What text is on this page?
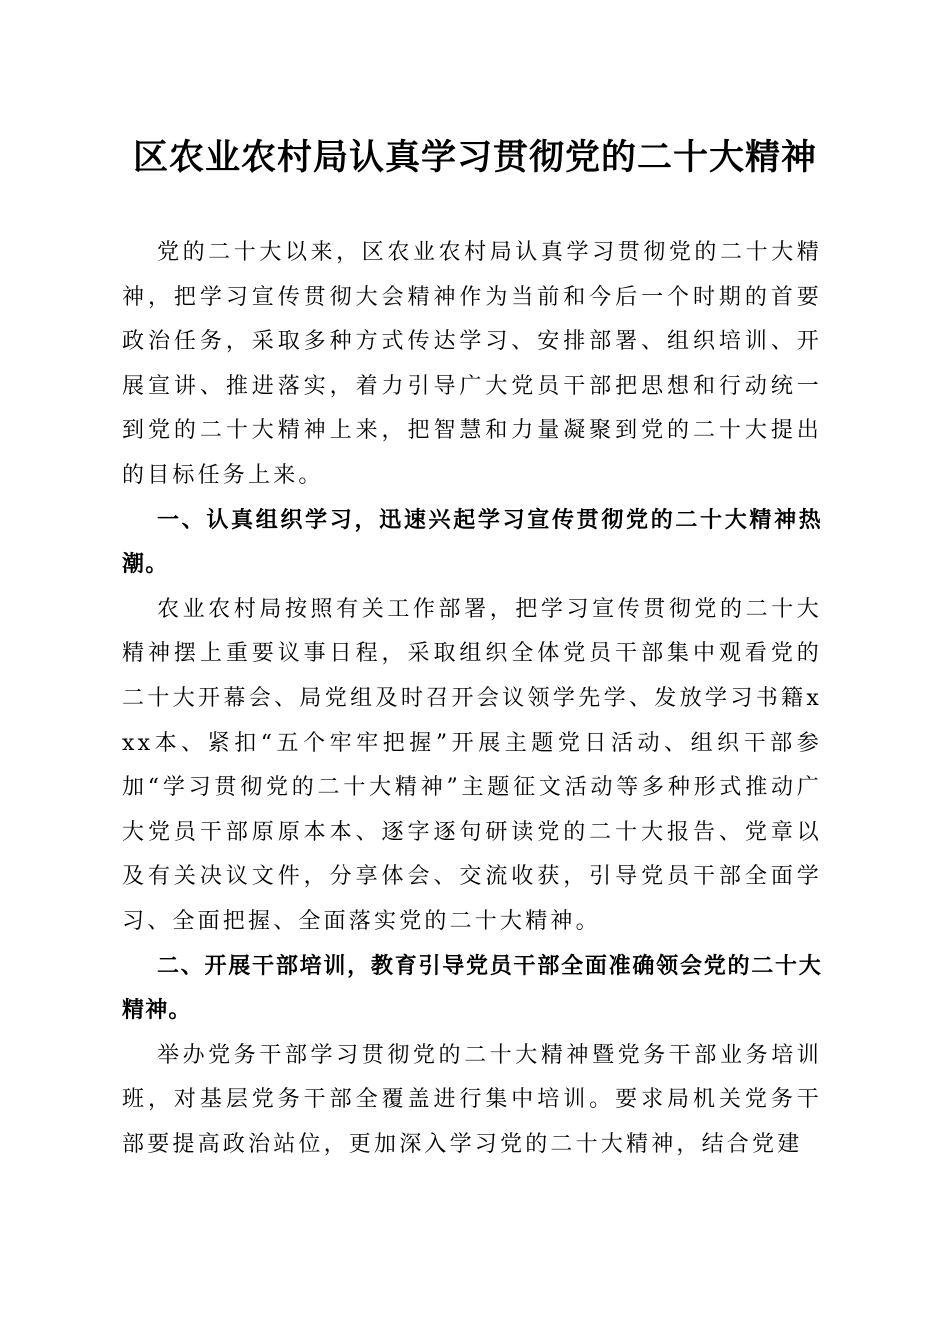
区农业农村局认真学习贯彻党的二十大精神

党的二十大以来，区农业农村局认真学习贯彻党的二十大精神，把学习宣传贯彻大会精神作为当前和今后一个时期的首要政治任务，采取多种方式传达学习、安排部署、组织培训、开展宣讲、推进落实，着力引导广大党员干部把思想和行动统一到党的二十大精神上来，把智慧和力量凝聚到党的二十大提出的目标任务上来。

一、认真组织学习，迅速兴起学习宣传贯彻党的二十大精神热潮。

农业农村局按照有关工作部署，把学习宣传贯彻党的二十大精神摆上重要议事日程，采取组织全体党员干部集中观看党的二十大开幕会、局党组及时召开会议领学先学、发放学习书籍xxx本、紧扣“五个牢牢把握”开展主题党日活动、组织干部参加“学习贯彻党的二十大精神”主题征文活动等多种形式推动广大党员干部原原本本、逐字逐句研读党的二十大报告、党章以及有关决议文件，分享体会、交流收获，引导党员干部全面学习、全面把握、全面落实党的二十大精神。

二、开展干部培训，教育引导党员干部全面准确领会党的二十大精神。

举办党务干部学习贯彻党的二十大精神暨党务干部业务培训班，对基层党务干部全覆盖进行集中培训。要求局机关党务干部要提高政治站位，更加深入学习党的二十大精神，结合党建
